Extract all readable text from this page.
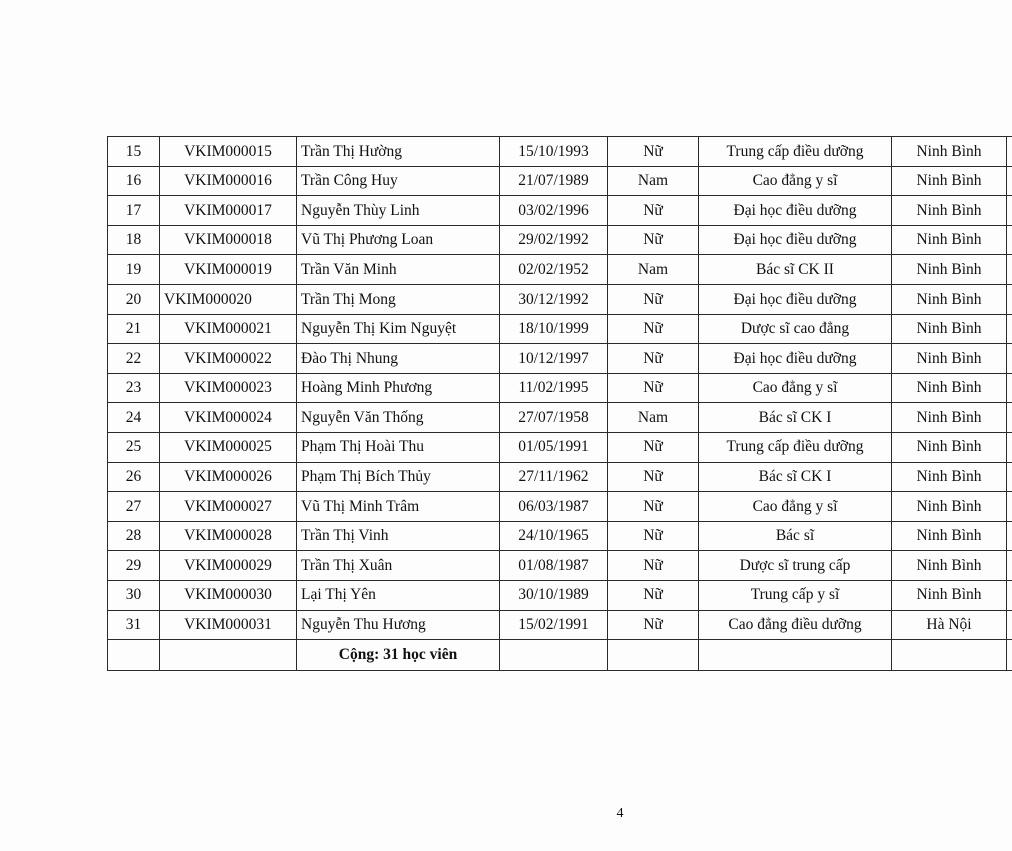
15	VKIM000015	Trần Thị Hường	15/10/1993	Nữ	Trung cấp điều dưỡng	Ninh Bình	
16	VKIM000016	Trần Công Huy	21/07/1989	Nam	Cao đẳng y sĩ	Ninh Bình	
17	VKIM000017	Nguyễn Thùy Linh	03/02/1996	Nữ	Đại học điều dưỡng	Ninh Bình	
18	VKIM000018	Vũ Thị Phương Loan	29/02/1992	Nữ	Đại học điều dưỡng	Ninh Bình	
19	VKIM000019	Trần Văn Minh	02/02/1952	Nam	Bác sĩ CK II	Ninh Bình	
20	VKIM000020	Trần Thị Mong	30/12/1992	Nữ	Đại học điều dưỡng	Ninh Bình	
21	VKIM000021	Nguyễn Thị Kim Nguyệt	18/10/1999	Nữ	Dược sĩ cao đẳng	Ninh Bình	
22	VKIM000022	Đào Thị Nhung	10/12/1997	Nữ	Đại học điều dưỡng	Ninh Bình	
23	VKIM000023	Hoàng Minh Phương	11/02/1995	Nữ	Cao đẳng y sĩ	Ninh Bình	
24	VKIM000024	Nguyễn Văn Thống	27/07/1958	Nam	Bác sĩ CK I	Ninh Bình	
25	VKIM000025	Phạm Thị Hoài Thu	01/05/1991	Nữ	Trung cấp điều dưỡng	Ninh Bình	
26	VKIM000026	Phạm Thị Bích Thủy	27/11/1962	Nữ	Bác sĩ CK I	Ninh Bình	
27	VKIM000027	Vũ Thị Minh Trâm	06/03/1987	Nữ	Cao đẳng y sĩ	Ninh Bình	
28	VKIM000028	Trần Thị Vinh	24/10/1965	Nữ	Bác sĩ	Ninh Bình	
29	VKIM000029	Trần Thị Xuân	01/08/1987	Nữ	Dược sĩ trung cấp	Ninh Bình	
30	VKIM000030	Lại Thị Yên	30/10/1989	Nữ	Trung cấp y sĩ	Ninh Bình	
31	VKIM000031	Nguyễn Thu Hương	15/02/1991	Nữ	Cao đẳng điều dưỡng	Hà Nội	
		Cộng: 31 học viên					
4
